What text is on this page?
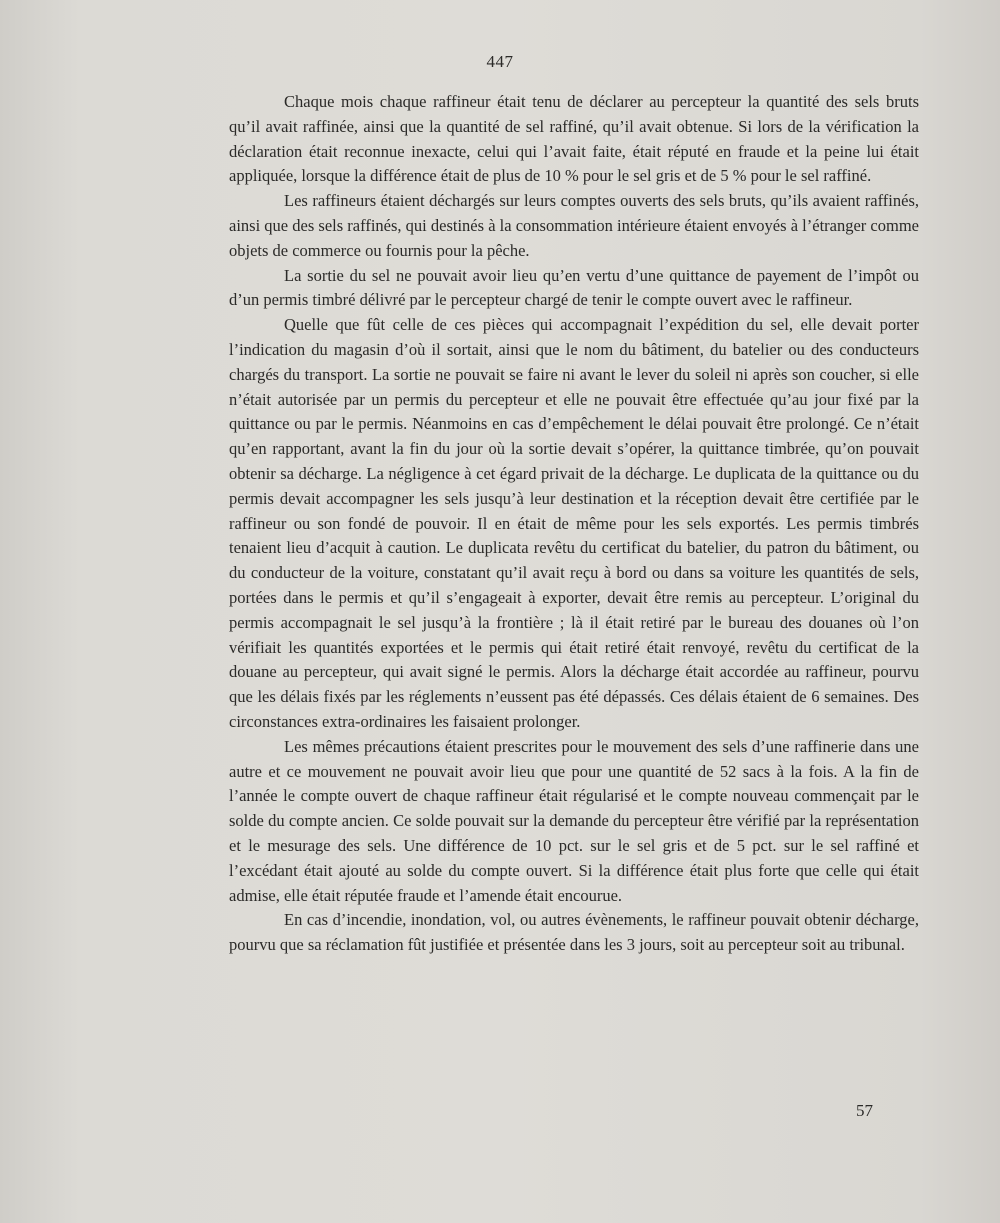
447

Chaque mois chaque raffineur était tenu de déclarer au percepteur la quantité des sels bruts qu’il avait raffinée, ainsi que la quantité de sel raffiné, qu’il avait obtenue. Si lors de la vérification la déclaration était reconnue inexacte, celui qui l’avait faite, était réputé en fraude et la peine lui était appliquée, lorsque la différence était de plus de 10 % pour le sel gris et de 5 % pour le sel raffiné.

Les raffineurs étaient déchargés sur leurs comptes ouverts des sels bruts, qu’ils avaient raffinés, ainsi que des sels raffinés, qui destinés à la consommation intérieure étaient envoyés à l’étranger comme objets de commerce ou fournis pour la pêche.

La sortie du sel ne pouvait avoir lieu qu’en vertu d’une quittance de payement de l’impôt ou d’un permis timbré délivré par le percepteur chargé de tenir le compte ouvert avec le raffineur.

Quelle que fût celle de ces pièces qui accompagnait l’expédition du sel, elle devait porter l’indication du magasin d’où il sortait, ainsi que le nom du bâtiment, du batelier ou des conducteurs chargés du transport. La sortie ne pouvait se faire ni avant le lever du soleil ni après son coucher, si elle n’était autorisée par un permis du percepteur et elle ne pouvait être effectuée qu’au jour fixé par la quittance ou par le permis. Néanmoins en cas d’empêchement le délai pouvait être prolongé. Ce n’était qu’en rapportant, avant la fin du jour où la sortie devait s’opérer, la quittance timbrée, qu’on pouvait obtenir sa décharge. La négligence à cet égard privait de la décharge. Le duplicata de la quittance ou du permis devait accompagner les sels jusqu’à leur destination et la réception devait être certifiée par le raffineur ou son fondé de pouvoir. Il en était de même pour les sels exportés. Les permis timbrés tenaient lieu d’acquit à caution. Le duplicata revêtu du certificat du batelier, du patron du bâtiment, ou du conducteur de la voiture, constatant qu’il avait reçu à bord ou dans sa voiture les quantités de sels, portées dans le permis et qu’il s’engageait à exporter, devait être remis au percepteur. L’original du permis accompagnait le sel jusqu’à la frontière ; là il était retiré par le bureau des douanes où l’on vérifiait les quantités exportées et le permis qui était retiré était renvoyé, revêtu du certificat de la douane au percepteur, qui avait signé le permis. Alors la décharge était accordée au raffineur, pourvu que les délais fixés par les réglements n’eussent pas été dépassés. Ces délais étaient de 6 semaines. Des circonstances extra-ordinaires les faisaient prolonger.

Les mêmes précautions étaient prescrites pour le mouvement des sels d’une raffinerie dans une autre et ce mouvement ne pouvait avoir lieu que pour une quantité de 52 sacs à la fois. A la fin de l’année le compte ouvert de chaque raffineur était régularisé et le compte nouveau commençait par le solde du compte ancien. Ce solde pouvait sur la demande du percepteur être vérifié par la représentation et le mesurage des sels. Une différence de 10 pct. sur le sel gris et de 5 pct. sur le sel raffiné et l’excédant était ajouté au solde du compte ouvert. Si la différence était plus forte que celle qui était admise, elle était réputée fraude et l’amende était encourue.

En cas d’incendie, inondation, vol, ou autres évènements, le raffineur pouvait obtenir décharge, pourvu que sa réclamation fût justifiée et présentée dans les 3 jours, soit au percepteur soit au tribunal.

57
